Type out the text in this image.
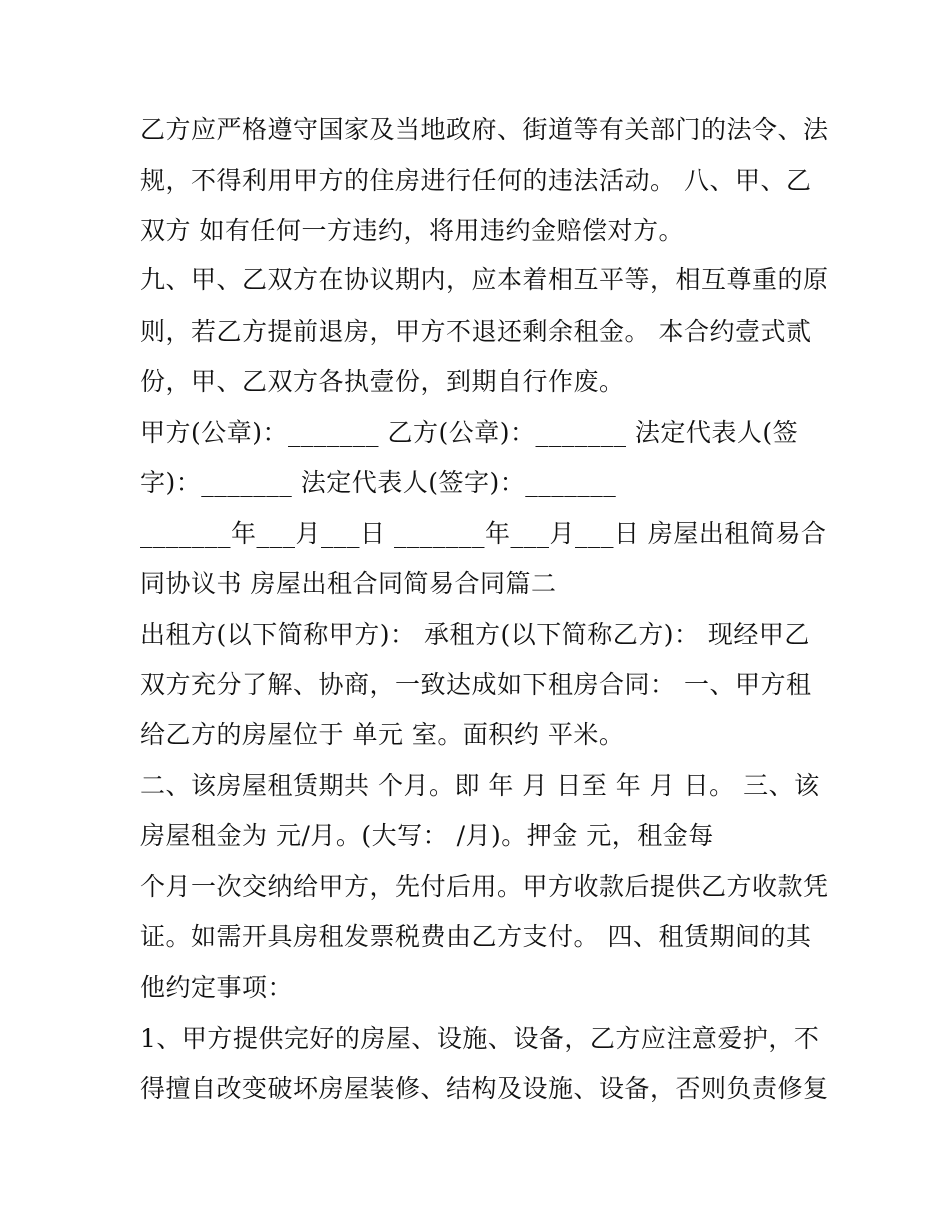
乙方应严格遵守国家及当地政府、街道等有关部门的法令、法
规，不得利用甲方的住房进行任何的违法活动。 八、甲、乙
双方 如有任何一方违约，将用违约金赔偿对方。
九、甲、乙双方在协议期内，应本着相互平等，相互尊重的原
则，若乙方提前退房，甲方不退还剩余租金。 本合约壹式贰
份，甲、乙双方各执壹份，到期自行作废。
甲方(公章)：_______ 乙方(公章)：_______ 法定代表人(签
字)：_______ 法定代表人(签字)：_______
_______年___月___日 _______年___月___日 房屋出租简易合
同协议书 房屋出租合同简易合同篇二
出租方(以下简称甲方)： 承租方(以下简称乙方)： 现经甲乙
双方充分了解、协商，一致达成如下租房合同： 一、甲方租
给乙方的房屋位于 单元 室。面积约 平米。
二、该房屋租赁期共 个月。即 年 月 日至 年 月 日。 三、该
房屋租金为 元/月。(大写： /月)。押金 元，租金每
个月一次交纳给甲方，先付后用。甲方收款后提供乙方收款凭
证。如需开具房租发票税费由乙方支付。 四、租赁期间的其
他约定事项：
1、甲方提供完好的房屋、设施、设备，乙方应注意爱护，不
得擅自改变破坏房屋装修、结构及设施、设备，否则负责修复
